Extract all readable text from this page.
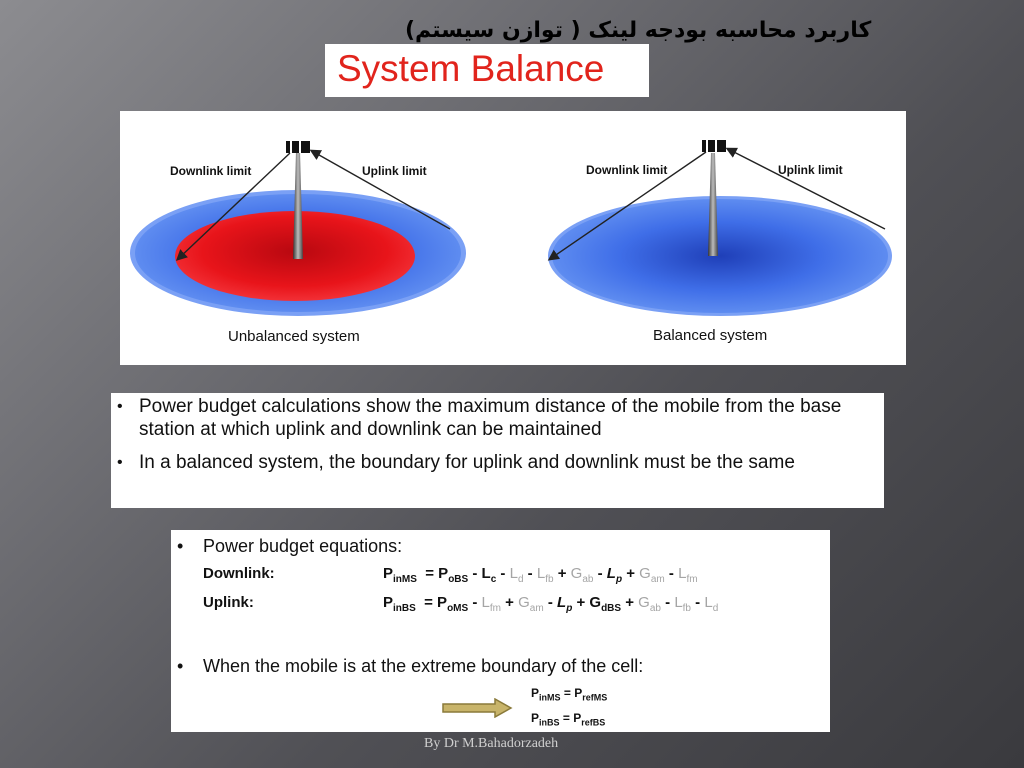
کاربرد محاسبه بودجه لینک ( توازن سیستم)
System Balance
Downlink limit	Uplink limit
Unbalanced system
Downlink limit	Uplink limit
Balanced system
• Power budget calculations show the maximum distance of the mobile from the base station at which uplink and downlink can be maintained
• In a balanced system, the boundary for uplink and downlink must be the same
• Power budget equations:
Downlink:	$P_{inMS} = P_{oBS} - L_c - L_d - L_{fb} + G_{ab} - L_p + G_{am} - L_{fm}$
Uplink:	$P_{inBS} = P_{oMS} - L_{fm} + G_{am} - L_p + G_{dBS} + G_{ab} - L_{fb} - L_d$
• When the mobile is at the extreme boundary of the cell:
$P_{inMS} = P_{refMS}$
$P_{inBS} = P_{refBS}$
By Dr M.Bahadorzadeh
